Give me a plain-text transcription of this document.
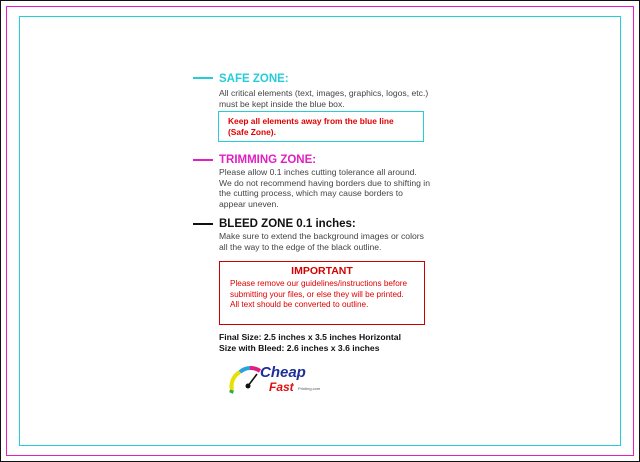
SAFE ZONE:
All critical elements (text, images, graphics, logos, etc.)
must be kept inside the blue box.
Keep all elements away from the blue line
(Safe Zone).
TRIMMING ZONE:
Please allow 0.1 inches cutting tolerance all around.
We do not recommend having borders due to shifting in
the cutting process, which may cause borders to
appear uneven.
BLEED ZONE 0.1 inches:
Make sure to extend the background images or colors
all the way to the edge of the black outline.
IMPORTANT
Please remove our guidelines/instructions before
submitting your files, or else they will be printed.
All text should be converted to outline.
Final Size: 2.5 inches x 3.5 inches Horizontal
Size with Bleed: 2.6 inches x 3.6 inches
Cheap
Fast Printing.com
